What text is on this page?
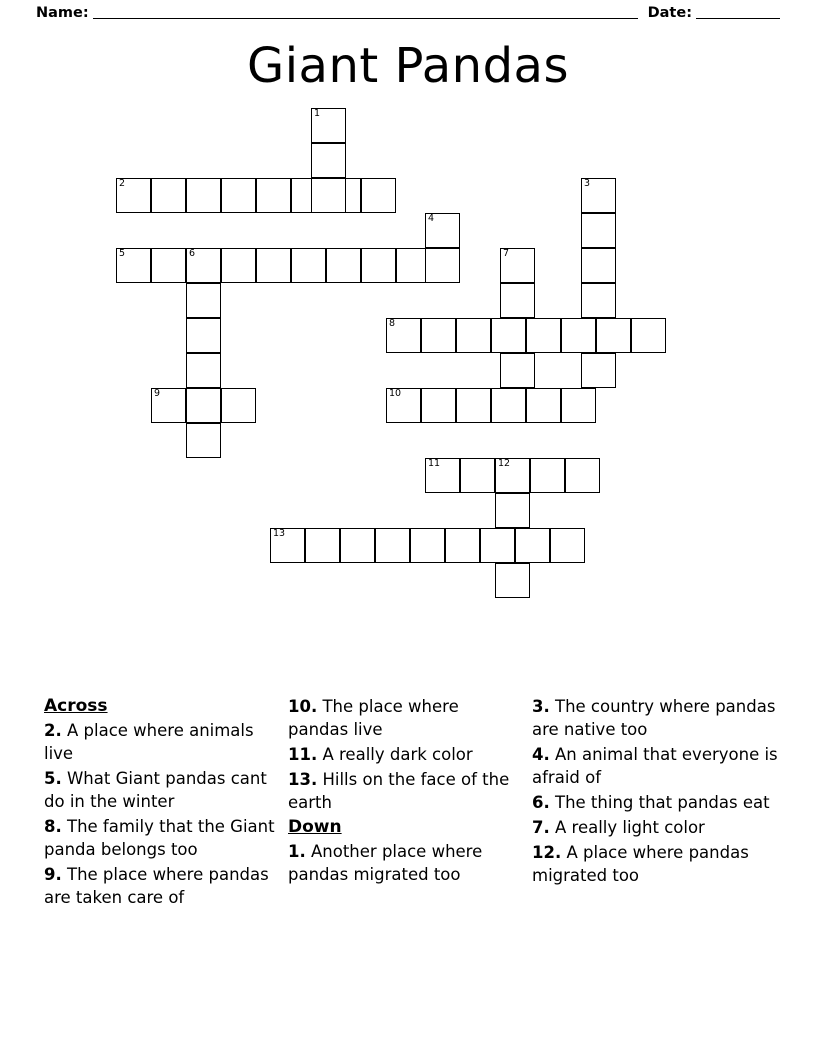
Name:	Date:
Giant Pandas
1
2	3
4
5	6	7
8
9	10
11	12
13
Across
2. A place where animals live
5. What Giant pandas cant do in the winter
8. The family that the Giant panda belongs too
9. The place where pandas are taken care of
10. The place where pandas live
11. A really dark color
13. Hills on the face of the earth
Down
1. Another place where pandas migrated too
3. The country where pandas are native too
4. An animal that everyone is afraid of
6. The thing that pandas eat
7. A really light color
12. A place where pandas migrated too
